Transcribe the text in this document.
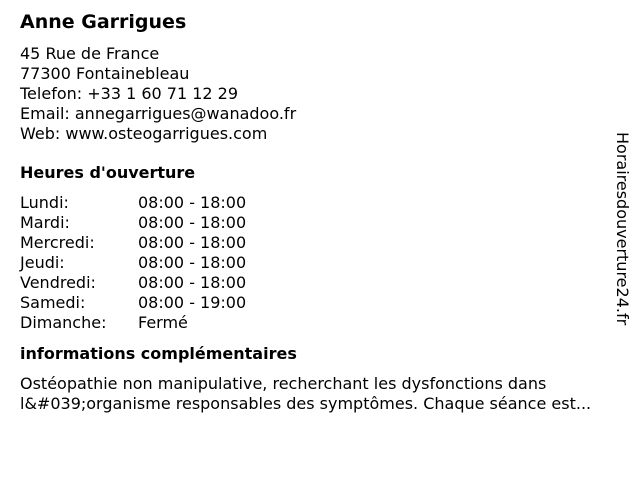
Anne Garrigues
45 Rue de France
77300 Fontainebleau
Telefon: +33 1 60 71 12 29
Email: annegarrigues@wanadoo.fr
Web: www.osteogarrigues.com
Heures d'ouverture
Lundi:	08:00 - 18:00
Mardi:	08:00 - 18:00
Mercredi:	08:00 - 18:00
Jeudi:	08:00 - 18:00
Vendredi:	08:00 - 18:00
Samedi:	08:00 - 19:00
Dimanche:	Fermé
informations complémentaires
Ostéopathie non manipulative, recherchant les dysfonctions dans l&#039;organisme responsables des symptômes. Chaque séance est...
Horairesdouverture24.fr
